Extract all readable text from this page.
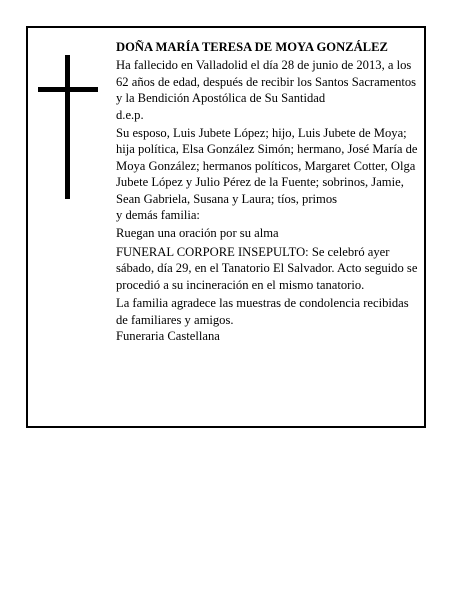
DOÑA MARÍA TERESA DE MOYA GONZÁLEZ

Ha fallecido en Valladolid el día 28 de junio de 2013, a los 62 años de edad, después de recibir los Santos Sacramentos y la Bendición Apostólica de Su Santidad

d.e.p.

Su esposo, Luis Jubete López; hijo, Luis Jubete de Moya; hija política, Elsa González Simón; hermano, José María de Moya González; hermanos políticos, Margaret Cotter, Olga Jubete López y Julio Pérez de la Fuente; sobrinos, Jamie, Sean Gabriela, Susana y Laura; tíos, primos

y demás familia:

Ruegan una oración por su alma

FUNERAL CORPORE INSEPULTO: Se celebró ayer sábado, día 29, en el Tanatorio El Salvador. Acto seguido se procedió a su incineración en el mismo tanatorio.

La familia agradece las muestras de condolencia recibidas de familiares y amigos.

Funeraria Castellana
